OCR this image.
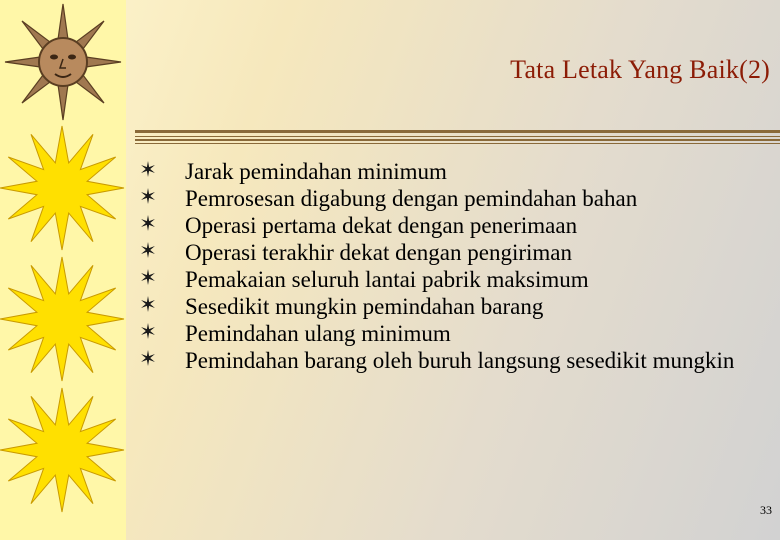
Tata Letak Yang Baik(2)
Jarak pemindahan minimum
Pemrosesan digabung dengan pemindahan bahan
Operasi pertama dekat dengan penerimaan
Operasi terakhir dekat dengan pengiriman
Pemakaian seluruh lantai pabrik maksimum
Sesedikit mungkin pemindahan barang
Pemindahan ulang minimum
Pemindahan barang oleh buruh langsung sesedikit mungkin
33
